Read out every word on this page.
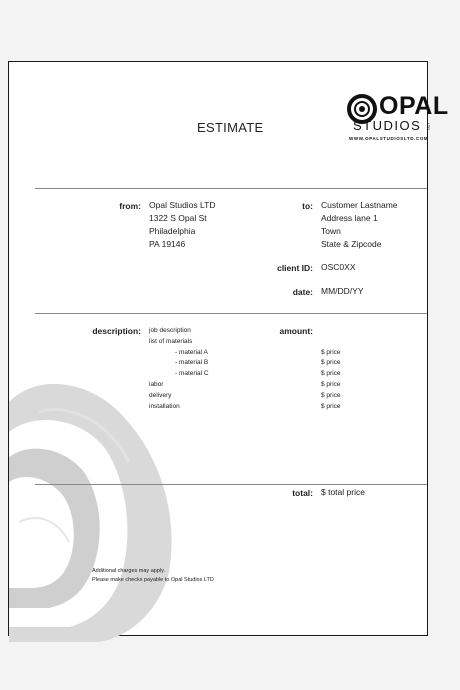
ESTIMATE
OPAL
STUDIOS LTD
WWW.OPALSTUDIOSLTD.COM
from: Opal Studios LTD
1322 S Opal St
Philadelphia
PA 19146
to: Customer Lastname
Address lane 1
Town
State & Zipcode
client ID: OSC0XX
date: MM/DD/YY
description:	amount:
job description
list of materials
- material A
- material B
- material C
labor
delivery
installation
$ price
$ price
$ price
$ price
$ price
$ price
total: $ total price
Additional charges may apply.
Please make checks payable to Opal Studios LTD
